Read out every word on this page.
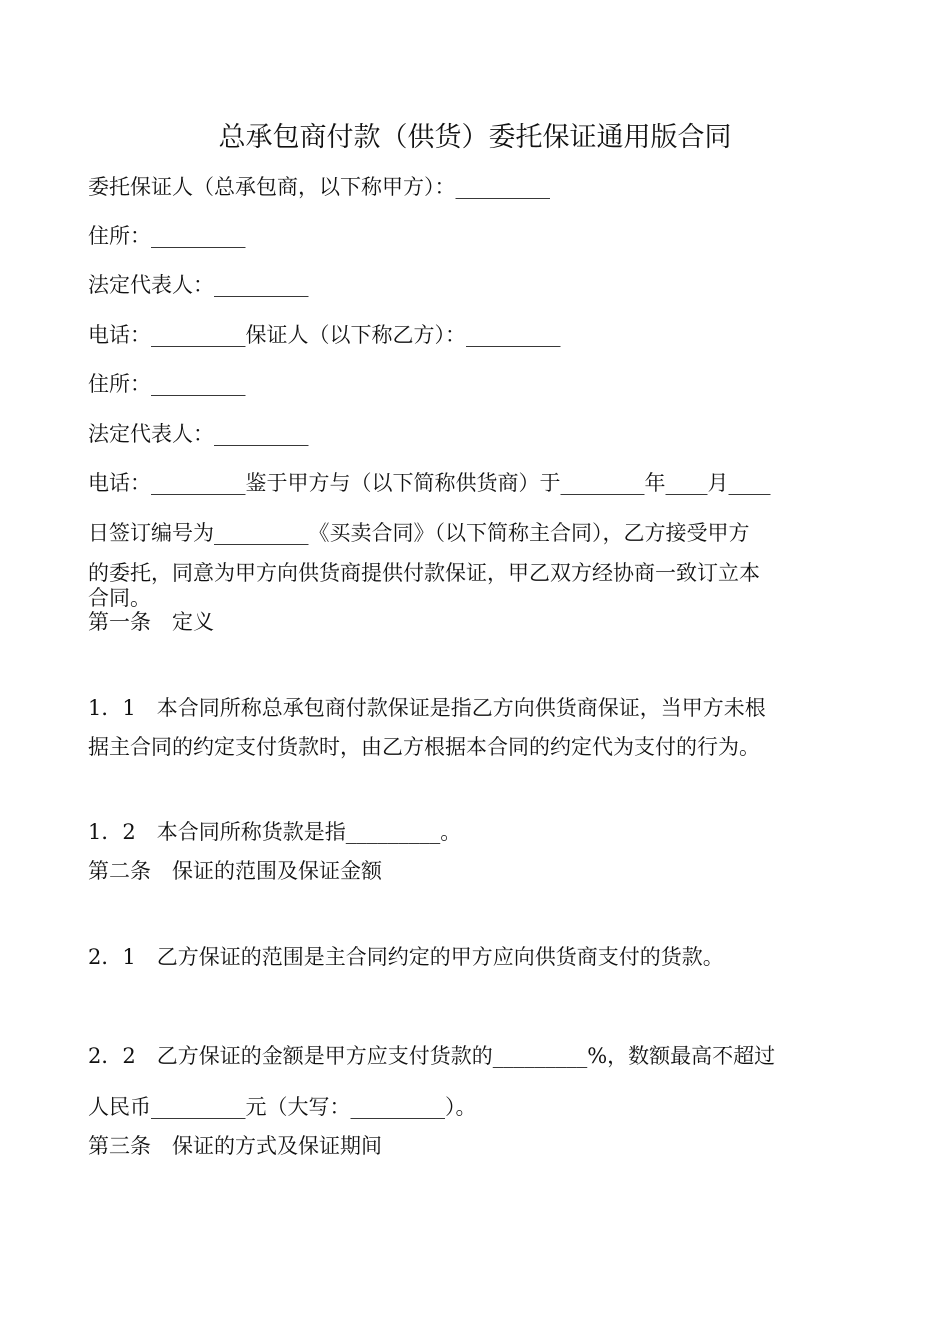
总承包商付款（供货）委托保证通用版合同
委托保证人（总承包商，以下称甲方）：_________
住所：_________
法定代表人：_________
电话：_________保证人（以下称乙方）：_________
住所：_________
法定代表人：_________
电话：_________鉴于甲方与（以下简称供货商）于________年____月____
日签订编号为_________《买卖合同》（以下简称主合同），乙方接受甲方
的委托，同意为甲方向供货商提供付款保证，甲乙双方经协商一致订立本
合同。
第一条　定义
1．1　本合同所称总承包商付款保证是指乙方向供货商保证，当甲方未根
据主合同的约定支付货款时，由乙方根据本合同的约定代为支付的行为。
1．2　本合同所称货款是指_________。
第二条　保证的范围及保证金额
2．1　乙方保证的范围是主合同约定的甲方应向供货商支付的货款。
2．2　乙方保证的金额是甲方应支付货款的_________%，数额最高不超过
人民币_________元（大写：_________）。
第三条　保证的方式及保证期间
